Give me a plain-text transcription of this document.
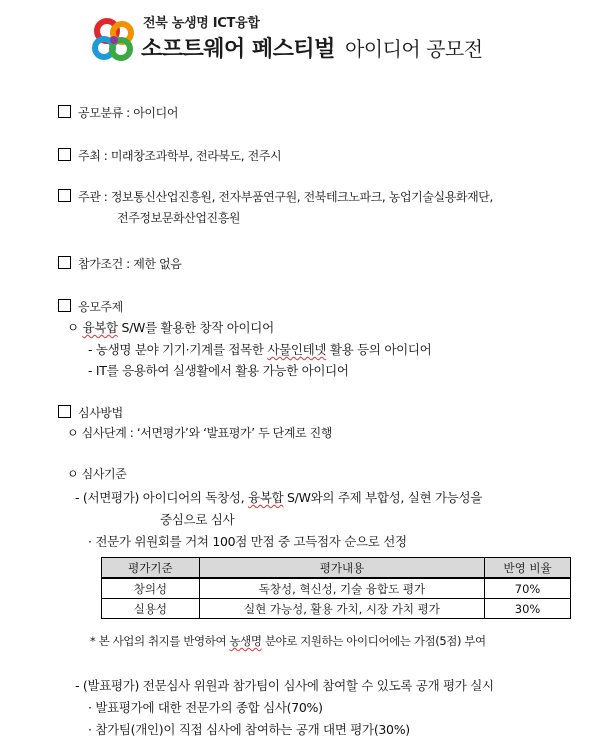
전북 농생명 ICT융합
소프트웨어 페스티벌 아이디어 공모전
공모분류 : 아이디어
주최 : 미래창조과학부, 전라북도, 전주시
주관 : 정보통신산업진흥원, 전자부품연구원, 전북테크노파크, 농업기술실용화재단,
전주정보문화산업진흥원
참가조건 : 제한 없음
응모주제
ㅇ 융복합 S/W를 활용한 창작 아이디어
- 농생명 분야 기기·기계를 접목한 사물인테넷 활용 등의 아이디어
- IT를 응용하여 실생활에서 활용 가능한 아이디어
심사방법
ㅇ 심사단계 : ‘서면평가’와 ‘발표평가’ 두 단계로 진행
ㅇ 심사기준
- (서면평가) 아이디어의 독창성, 융복합 S/W와의 주제 부합성, 실현 가능성을
중심으로 심사
· 전문가 위원회를 거쳐 100점 만점 중 고득점자 순으로 선정
평가기준	평가내용	반영 비율
창의성	독창성, 혁신성, 기술 융합도 평가	70%
실용성	실현 가능성, 활용 가치, 시장 가치 평가	30%
* 본 사업의 취지를 반영하여 농생명 분야로 지원하는 아이디어에는 가점(5점) 부여
- (발표평가) 전문심사 위원과 참가팀이 심사에 참여할 수 있도록 공개 평가 실시
· 발표평가에 대한 전문가의 종합 심사(70%)
· 참가팀(개인)이 직접 심사에 참여하는 공개 대면 평가(30%)
